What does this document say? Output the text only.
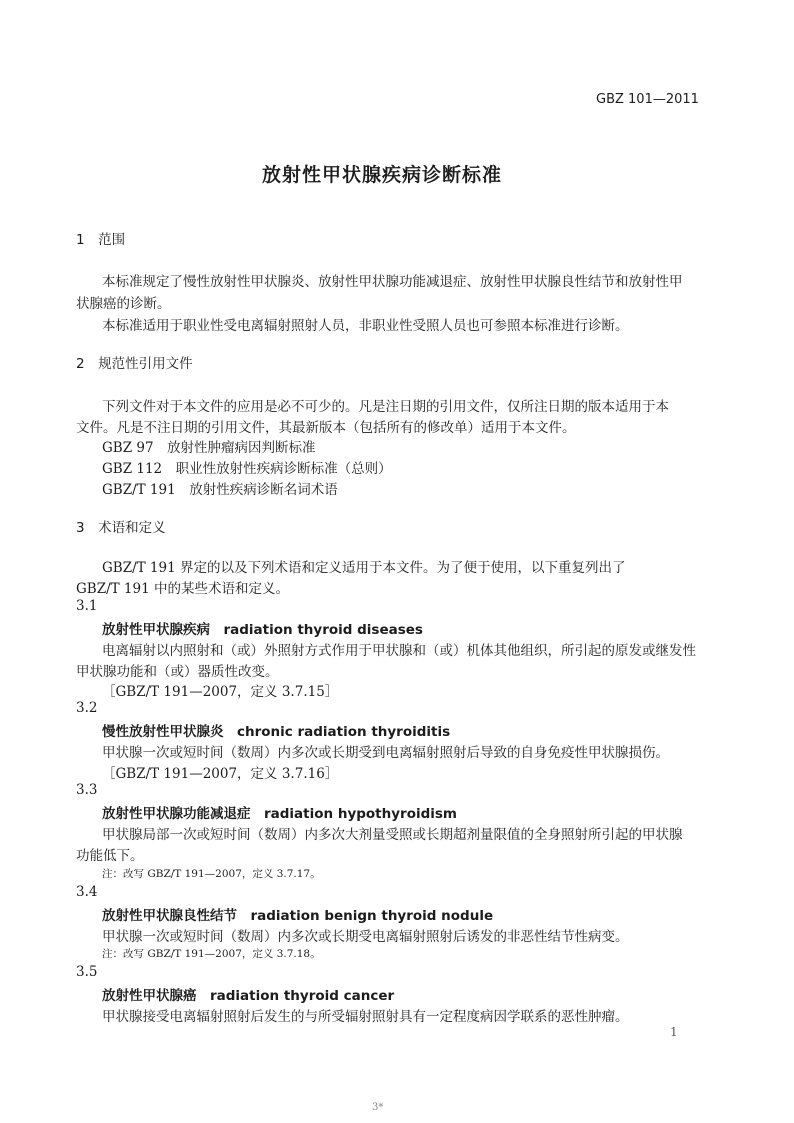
GBZ 101—2011
放射性甲状腺疾病诊断标准
1　范围
本标准规定了慢性放射性甲状腺炎、放射性甲状腺功能减退症、放射性甲状腺良性结节和放射性甲
状腺癌的诊断。
本标准适用于职业性受电离辐射照射人员，非职业性受照人员也可参照本标准进行诊断。
2　规范性引用文件
下列文件对于本文件的应用是必不可少的。凡是注日期的引用文件，仅所注日期的版本适用于本
文件。凡是不注日期的引用文件，其最新版本（包括所有的修改单）适用于本文件。
GBZ 97　放射性肿瘤病因判断标准
GBZ 112　职业性放射性疾病诊断标准（总则）
GBZ/T 191　放射性疾病诊断名词术语
3　术语和定义
GBZ/T 191 界定的以及下列术语和定义适用于本文件。为了便于使用，以下重复列出了
GBZ/T 191 中的某些术语和定义。
3.1
放射性甲状腺疾病　radiation thyroid diseases
电离辐射以内照射和（或）外照射方式作用于甲状腺和（或）机体其他组织，所引起的原发或继发性
甲状腺功能和（或）器质性改变。
［GBZ/T 191—2007，定义 3.7.15］
3.2
慢性放射性甲状腺炎　chronic radiation thyroiditis
甲状腺一次或短时间（数周）内多次或长期受到电离辐射照射后导致的自身免疫性甲状腺损伤。
［GBZ/T 191—2007，定义 3.7.16］
3.3
放射性甲状腺功能减退症　radiation hypothyroidism
甲状腺局部一次或短时间（数周）内多次大剂量受照或长期超剂量限值的全身照射所引起的甲状腺
功能低下。
注：改写 GBZ/T 191—2007，定义 3.7.17。
3.4
放射性甲状腺良性结节　radiation benign thyroid nodule
甲状腺一次或短时间（数周）内多次或长期受电离辐射照射后诱发的非恶性结节性病变。
注：改写 GBZ/T 191—2007，定义 3.7.18。
3.5
放射性甲状腺癌　radiation thyroid cancer
甲状腺接受电离辐射照射后发生的与所受辐射照射具有一定程度病因学联系的恶性肿瘤。
1
3*
